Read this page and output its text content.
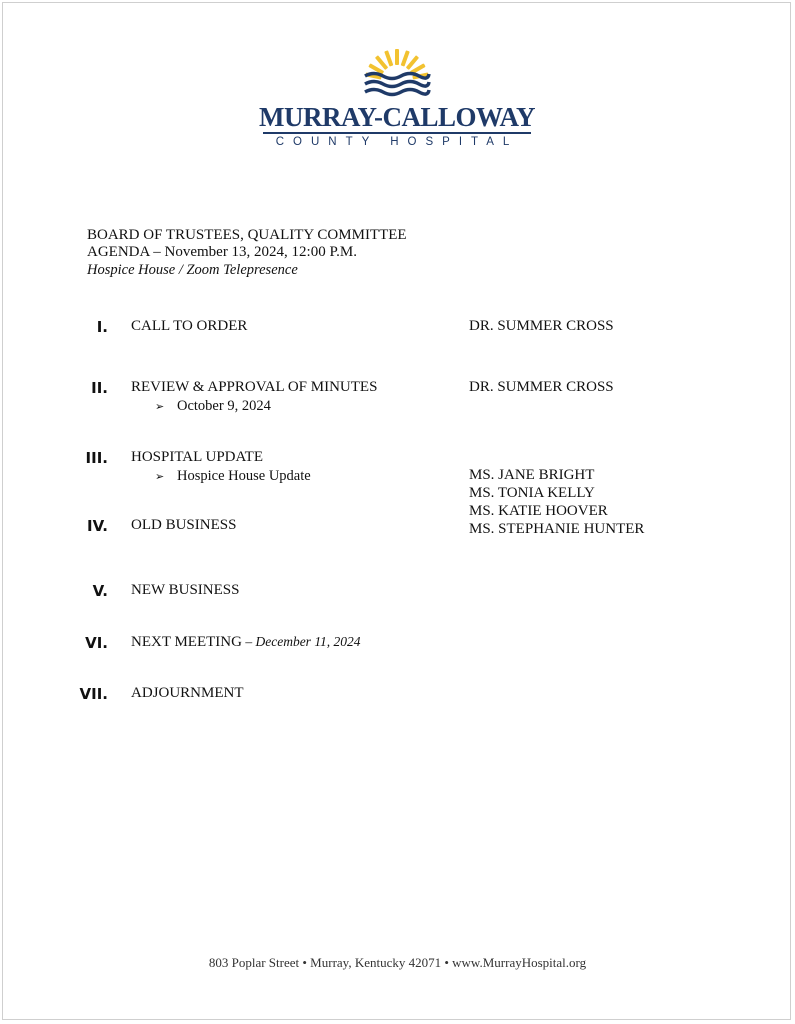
MURRAY-CALLOWAY
COUNTY HOSPITAL
BOARD OF TRUSTEES, QUALITY COMMITTEE
AGENDA – November 13, 2024, 12:00 P.M.
Hospice House / Zoom Telepresence
I. CALL TO ORDER	DR. SUMMER CROSS
II. REVIEW & APPROVAL OF MINUTES	DR. SUMMER CROSS
➢ October 9, 2024
III. HOSPITAL UPDATE
➢ Hospice House Update	MS. JANE BRIGHT
MS. TONIA KELLY
MS. KATIE HOOVER
MS. STEPHANIE HUNTER
IV. OLD BUSINESS
V. NEW BUSINESS
VI. NEXT MEETING – December 11, 2024
VII. ADJOURNMENT
803 Poplar Street • Murray, Kentucky 42071 • www.MurrayHospital.org
